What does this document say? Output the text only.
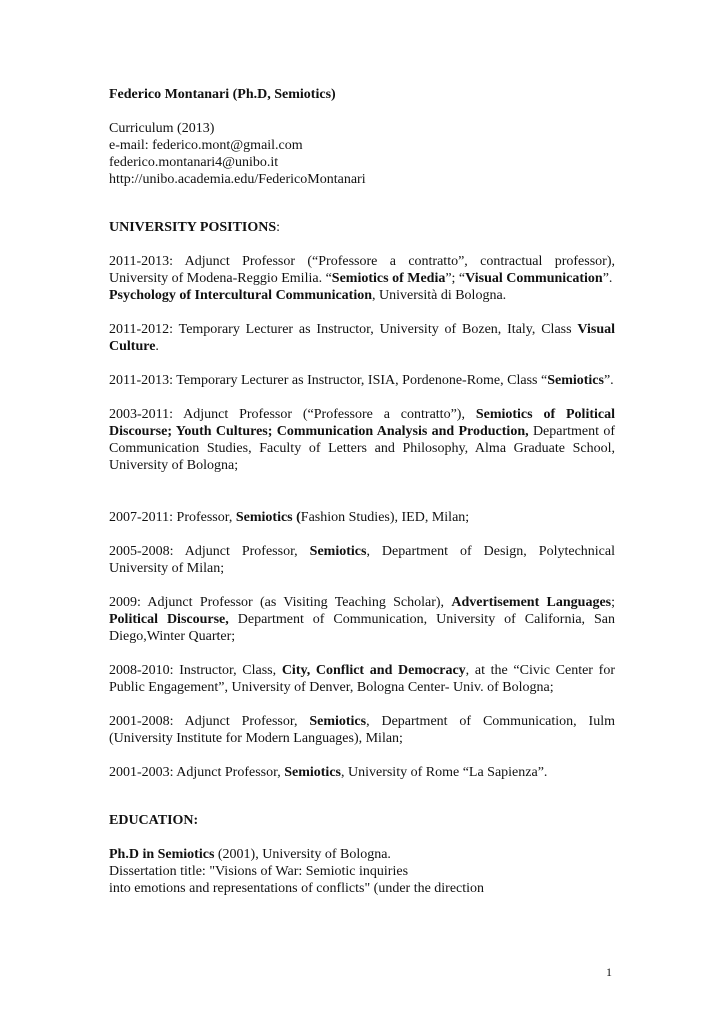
Federico Montanari (Ph.D, Semiotics)

Curriculum (2013)

e-mail: federico.mont@gmail.com

federico.montanari4@unibo.it

http://unibo.academia.edu/FedericoMontanari

UNIVERSITY POSITIONS:

2011-2013: Adjunct Professor (“Professore a contratto”, contractual professor), University of Modena-Reggio Emilia. “Semiotics of Media”; “Visual Communication”.

Psychology of Intercultural Communication, Università di Bologna.

2011-2012: Temporary Lecturer as Instructor, University of Bozen, Italy, Class Visual Culture.

2011-2013: Temporary Lecturer as Instructor, ISIA, Pordenone-Rome, Class “Semiotics”.

2003-2011: Adjunct Professor (“Professore a contratto”), Semiotics of Political Discourse; Youth Cultures; Communication Analysis and Production, Department of Communication Studies, Faculty of Letters and Philosophy, Alma Graduate School, University of Bologna;

2007-2011: Professor, Semiotics (Fashion Studies), IED, Milan;

2005-2008: Adjunct Professor, Semiotics, Department of Design, Polytechnical University of Milan;

2009: Adjunct Professor (as Visiting Teaching Scholar), Advertisement Languages; Political Discourse, Department of Communication, University of California, San Diego,Winter Quarter;

2008-2010: Instructor, Class, City, Conflict and Democracy, at the “Civic Center for Public Engagement”, University of Denver, Bologna Center- Univ. of Bologna;

2001-2008: Adjunct Professor, Semiotics, Department of Communication, Iulm (University Institute for Modern Languages), Milan;

2001-2003: Adjunct Professor, Semiotics, University of Rome “La Sapienza”.

EDUCATION:

Ph.D in Semiotics (2001), University of Bologna.

Dissertation title: "Visions of War: Semiotic inquiries

into emotions and representations of conflicts" (under the direction

1
